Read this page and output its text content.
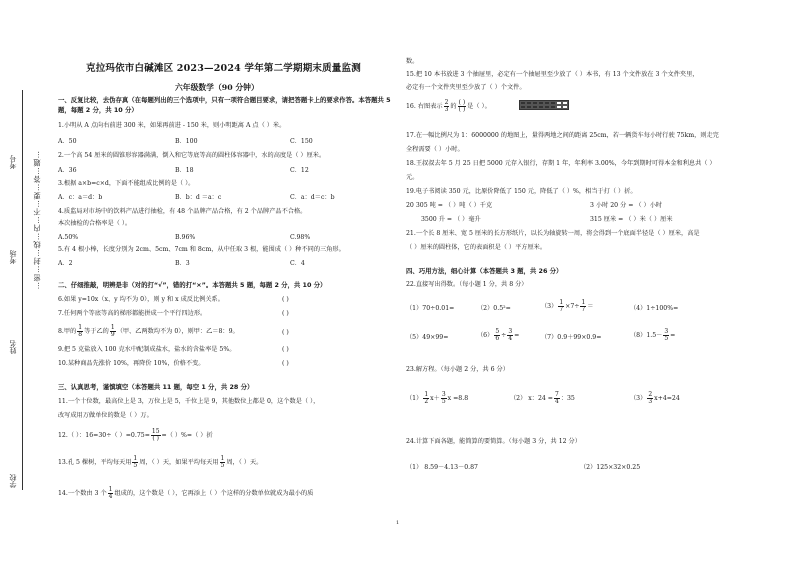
学校
姓名
考场
考号 …密…封…线…内…不…要…答…题…
克拉玛依市白碱滩区 2023—2024 学年第二学期期末质量监测
六年级数学（90 分钟）
一、反复比较，去伪存真（在每题列出的三个选项中，只有一项符合题目要求，请把答题卡上的要求作答。本答题共 5 题，每题 2 分，共 10 分）
1.小明从 A 点向右前进 300 米，如果再前进 - 150 米，则小明距离 A 点（ ）米。
A．50	B．100	C．150
2.一个高 54 厘米的圆锥形容器满满，倒入和它等底等高的圆柱体容器中，水的高度是（ ）厘米。
A．36	B．18	C．12
3.根据 a×b=c×d，下面不能组成比例的是（ ）。
A．c：a＝d：b	B．b：d ＝a：c	C．a：d＝c：b
4.质监局对市场中的饮料产品进行抽检，有 48 个品牌产品合格，有 2 个品牌产品不合格。
本次抽检的合格率是（ ）。
A.50%	B.96%	C.98%
5.有 4 根小棒，长度分别为 2cm、5cm、7cm 和 8cm，从中任取 3 根，能围成（ ）种不同的三角形。
A．2	B．3	C．4
二、仔细推敲，明辨是非（对的打“√”，错的打“×”。本答题共 5 题，每题 2 分，共 10 分）
6.如果 y=10x（x、y 均不为 0），则 y 和 x 成反比例关系。	( )
7.任何两个等底等高的梯形都能拼成一个平行四边形。	( )
8.甲的 $\frac{1}{8}$ 等于乙的 $\frac{1}{9}$ （甲、乙两数均不为 0），则甲：乙＝8：9。	( )
9.把 5 克盐放入 100 克水中配制成盐水，盐水的含盐率是 5%。	( )
10.某种商品先涨价 10%，再降价 10%，价格不变。	( )
三、认真思考，谨慎填空（本答题共 11 题，每空 1 分，共 28 分）
11.一个十位数，最高位上是 3，万位上是 5，千位上是 9，其他数位上都是 0，这个数是（ ），
改写成用万做单位的数是（ ）万。
12.（ ）：16=30÷（ ）$=0.75= \frac{15}{( )}$ =（ ）%=（ ）折
13.孔 5 棵树，平均每天用 $\frac{1}{5}$ 周，（ ）天，如果平均每天用 $\frac{1}{5}$ 周，（ ）天。
14.一个数由 3 个 $\frac{1}{4}$ 组成的，这个数是（ ），它再添上（ ）个这样的分数单位就成为最小的质
数。
15.把 10 本书放进 3 个抽屉里，必定有一个抽屉里至少放了（ ）本书，有 13 个文件放在 3 个文件夹里，
必定有一个文件夹里至少放了（ ）个文件。
16. 右图表示 $\frac{2}{3}$ 的 $\frac{( )}{( )}$ 是（ ）。
17.在一幅比例尺为 1：6000000 的地图上，量得两地之间的距离 25cm，若一辆货车每小时行驶 75km，则走完
全程需要（ ）小时。
18.王叔叔去年 5 月 25 日把 5000 元存入银行，存期 1 年，年利率 3.00%，今年到期时可得本金和利息共（ ）
元。
19.电子书阅读 350 元，比原价降低了 150 元，降低了（ ）%，相当于打（ ）折。
20 305 吨 = （ ）吨（ ）千克	3 小时 20 分 = （ ）小时
3500 升 = （ ）毫升	315 厘米 = （ ）米（ ）厘米
21.一个长 8 厘米、宽 5 厘米的长方形纸片，以长为轴旋转一周，将会得到一个底面半径是（ ）厘米，高是
（ ）厘米的圆柱体，它的表面积是（ ）平方厘米。
四、巧用方法，细心计算（本答题共 3 题，共 26 分）
22.直接写出得数。（每小题 1 分，共 8 分）
（1）70÷0.01=	（2）0.5²=	$(3) \frac{1}{7} \times 7\div \frac{1}{7}$ ＝	（4）1÷100%=
（5）49×99=	$(6) \frac{5}{6} \div \frac{3}{4}$ =	（7）0.9＋99×0.9=	$(8)1.5- \frac{3}{5}$ =
23.解方程。（每小题 2 分，共 6 分）
$(1) \frac{1}{2} x+ \frac{3}{5}$ x =8.8	（2） x：$24 = \frac{7}{4}$ ：35	$(3) \frac{2}{3} x+4=24$
24.计算下面各题，能简算的要简算。（每小题 3 分，共 12 分）
（1） 8.59－4.13－0.87	（2）125×32×0.25
1
